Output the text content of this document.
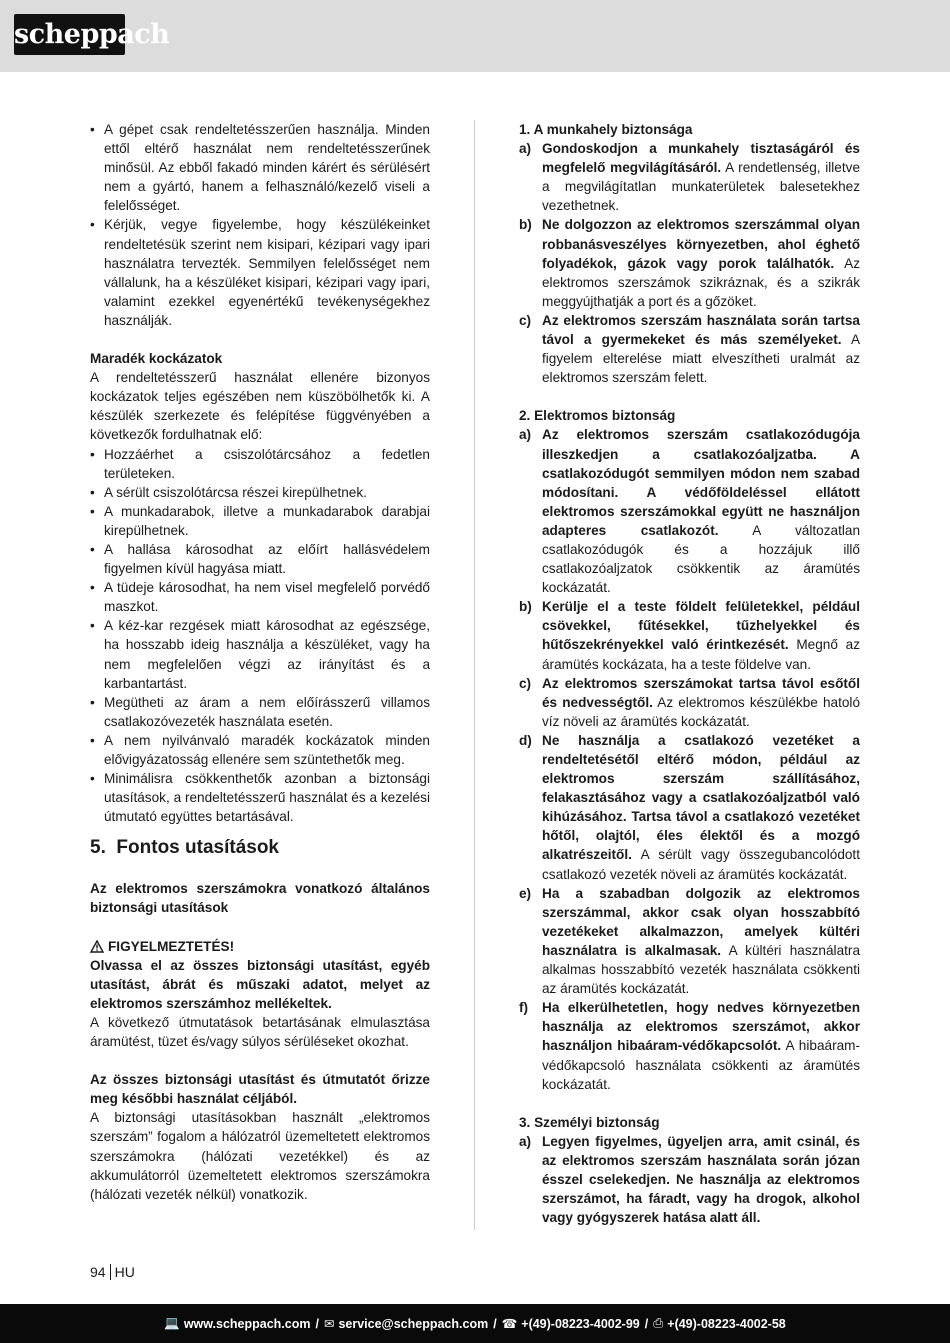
scheppach
• A gépet csak rendeltetésszerűen használja. Minden ettől eltérő használat nem rendeltetésszerűnek minősül. Az ebből fakadó minden kárért és sérülésért nem a gyártó, hanem a felhasználó/kezelő viseli a felelősséget.
• Kérjük, vegye figyelembe, hogy készülékeinket rendeltetésük szerint nem kisipari, kézipari vagy ipari használatra tervezték. Semmilyen felelősséget nem vállalunk, ha a készüléket kisipari, kézipari vagy ipari, valamint ezekkel egyenértékű tevékenységekhez használják.

Maradék kockázatok

A rendeltetésszerű használat ellenére bizonyos kockázatok teljes egészében nem küszöbölhetők ki. A készülék szerkezete és felépítése függvényében a következők fordulhatnak elő:

• Hozzáérhet a csiszolótárcsához a fedetlen területeken.
• A sérült csiszolótárcsa részei kirepülhetnek.
• A munkadarabok, illetve a munkadarabok darabjai kirepülhetnek.
• A hallása károsodhat az előírt hallásvédelem figyelmen kívül hagyása miatt.
• A tüdeje károsodhat, ha nem visel megfelelő porvédő maszkot.
• A kéz-kar rezgések miatt károsodhat az egészsége, ha hosszabb ideig használja a készüléket, vagy ha nem megfelelően végzi az irányítást és a karbantartást.
• Megütheti az áram a nem előírásszerű villamos csatlakozóvezeték használata esetén.
• A nem nyilvánvaló maradék kockázatok minden elővigyázatosság ellenére sem szüntethetők meg.
• Minimálisra csökkenthetők azonban a biztonsági utasítások, a rendeltetésszerű használat és a kezelési útmutató együttes betartásával.

5. Fontos utasítások

Az elektromos szerszámokra vonatkozó általános biztonsági utasítások

FIGYELMEZTETÉS!

Olvassa el az összes biztonsági utasítást, egyéb utasítást, ábrát és műszaki adatot, melyet az elektromos szerszámhoz mellékeltek.

A következő útmutatások betartásának elmulasztása áramütést, tüzet és/vagy súlyos sérüléseket okozhat.

Az összes biztonsági utasítást és útmutatót őrizze meg későbbi használat céljából.

A biztonsági utasításokban használt „elektromos szerszám” fogalom a hálózatról üzemeltetett elektromos szerszámokra (hálózati vezetékkel) és az akkumulátorról üzemeltetett elektromos szerszámokra (hálózati vezeték nélkül) vonatkozik.

1. A munkahely biztonsága

a) Gondoskodjon a munkahely tisztaságáról és megfelelő megvilágításáról. A rendetlenség, illetve a megvilágítatlan munkaterületek balesetekhez vezethetnek.
b) Ne dolgozzon az elektromos szerszámmal olyan robbanásveszélyes környezetben, ahol éghető folyadékok, gázok vagy porok találhatók. Az elektromos szerszámok szikráznak, és a szikrák meggyújthatják a port és a gőzöket.
c) Az elektromos szerszám használata során tartsa távol a gyermekeket és más személyeket. A figyelem elterelése miatt elveszítheti uralmát az elektromos szerszám felett.

2. Elektromos biztonság

a) Az elektromos szerszám csatlakozódugója illeszkedjen a csatlakozóaljzatba. A csatlakozódugót semmilyen módon nem szabad módosítani. A védőföldeléssel ellátott elektromos szerszámokkal együtt ne használjon adapteres csatlakozót. A változatlan csatlakozódugók és a hozzájuk illő csatlakozóaljzatok csökkentik az áramütés kockázatát.
b) Kerülje el a teste földelt felületekkel, például csövekkel, fűtésekkel, tűzhelyekkel és hűtőszekrényekkel való érintkezését. Megnő az áramütés kockázata, ha a teste földelve van.
c) Az elektromos szerszámokat tartsa távol esőtől és nedvességtől. Az elektromos készülékbe hatoló víz növeli az áramütés kockázatát.
d) Ne használja a csatlakozó vezetéket a rendeltetésétől eltérő módon, például az elektromos szerszám szállításához, felakasztásához vagy a csatlakozóaljzatból való kihúzásához. Tartsa távol a csatlakozó vezetéket hőtől, olajtól, éles élektől és a mozgó alkatrészeitől. A sérült vagy összegubancolódott csatlakozó vezeték növeli az áramütés kockázatát.
e) Ha a szabadban dolgozik az elektromos szerszámmal, akkor csak olyan hosszabbító vezetékeket alkalmazzon, amelyek kültéri használatra is alkalmasak. A kültéri használatra alkalmas hosszabbító vezeték használata csökkenti az áramütés kockázatát.
f) Ha elkerülhetetlen, hogy nedves környezetben használja az elektromos szerszámot, akkor használjon hibaáram-védőkapcsolót. A hibaáram-védőkapcsoló használata csökkenti az áramütés kockázatát.

3. Személyi biztonság

a) Legyen figyelmes, ügyeljen arra, amit csinál, és az elektromos szerszám használata során józan ésszel cselekedjen. Ne használja az elektromos szerszámot, ha fáradt, vagy ha drogok, alkohol vagy gyógyszerek hatása alatt áll.
94 HU
💻 www.scheppach.com / ✉ service@scheppach.com / ☎ +(49)-08223-4002-99 / ⎙ +(49)-08223-4002-58
